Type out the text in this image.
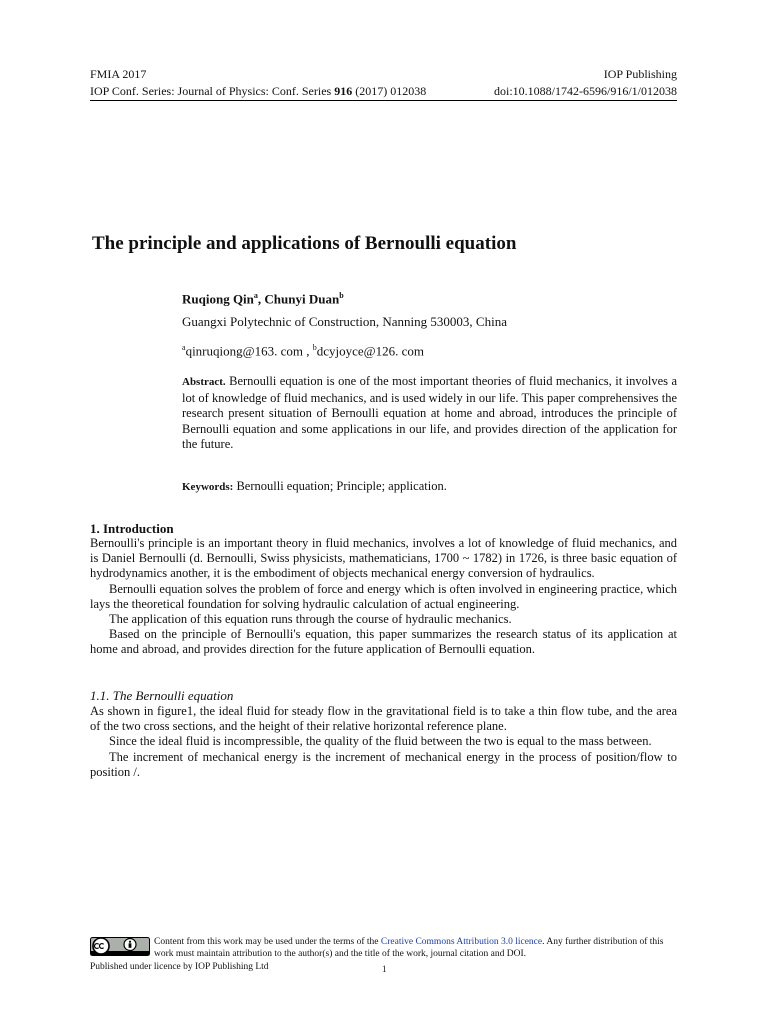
FMIA 2017	IOP Publishing
IOP Conf. Series: Journal of Physics: Conf. Series 916 (2017) 012038	doi:10.1088/1742-6596/916/1/012038
The principle and applications of Bernoulli equation
Ruqiong Qin$^a$, Chunyi Duan$^b$
Guangxi Polytechnic of Construction, Nanning 530003, China
$^a$qinruqiong@163. com , $^b$dcyjoyce@126. com
Abstract. Bernoulli equation is one of the most important theories of fluid mechanics, it involves a lot of knowledge of fluid mechanics, and is used widely in our life. This paper comprehensives the research present situation of Bernoulli equation at home and abroad, introduces the principle of Bernoulli equation and some applications in our life, and provides direction of the application for the future.
Keywords: Bernoulli equation; Principle; application.
1. Introduction

Bernoulli's principle is an important theory in fluid mechanics, involves a lot of knowledge of fluid mechanics, and is Daniel Bernoulli (d. Bernoulli, Swiss physicists, mathematicians, 1700 ~ 1782) in 1726, is three basic equation of hydrodynamics another, it is the embodiment of objects mechanical energy conversion of hydraulics.

Bernoulli equation solves the problem of force and energy which is often involved in engineering practice, which lays the theoretical foundation for solving hydraulic calculation of actual engineering.

The application of this equation runs through the course of hydraulic mechanics.

Based on the principle of Bernoulli's equation, this paper summarizes the research status of its application at home and abroad, and provides direction for the future application of Bernoulli equation.

1.1. The Bernoulli equation

As shown in figure1, the ideal fluid for steady flow in the gravitational field is to take a thin flow tube, and the area of the two cross sections, and the height of their relative horizontal reference plane.

Since the ideal fluid is incompressible, the quality of the fluid between the two is equal to the mass between.

The increment of mechanical energy is the increment of mechanical energy in the process of position/flow to position /.

Content from this work may be used under the terms of the Creative Commons Attribution 3.0 licence. Any further distribution of this work must maintain attribution to the author(s) and the title of the work, journal citation and DOI.
Published under licence by IOP Publishing Ltd	1
